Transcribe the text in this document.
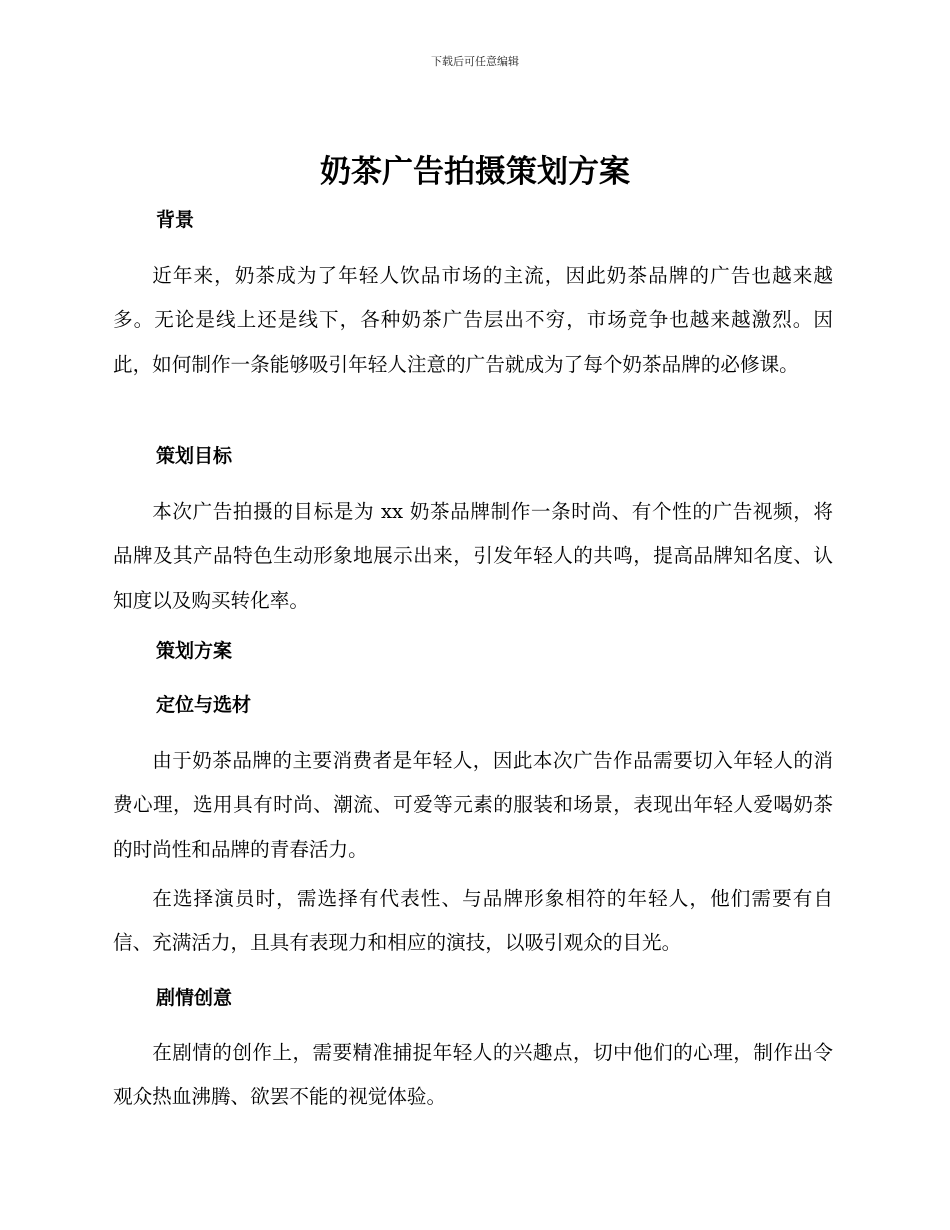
下载后可任意编辑
奶茶广告拍摄策划方案
背景

近年来，奶茶成为了年轻人饮品市场的主流，因此奶茶品牌的广告也越来越多。无论是线上还是线下，各种奶茶广告层出不穷，市场竞争也越来越激烈。因此，如何制作一条能够吸引年轻人注意的广告就成为了每个奶茶品牌的必修课。

策划目标

本次广告拍摄的目标是为 xx 奶茶品牌制作一条时尚、有个性的广告视频，将品牌及其产品特色生动形象地展示出来，引发年轻人的共鸣，提高品牌知名度、认知度以及购买转化率。

策划方案
定位与选材

由于奶茶品牌的主要消费者是年轻人，因此本次广告作品需要切入年轻人的消费心理，选用具有时尚、潮流、可爱等元素的服装和场景，表现出年轻人爱喝奶茶的时尚性和品牌的青春活力。

在选择演员时，需选择有代表性、与品牌形象相符的年轻人，他们需要有自信、充满活力，且具有表现力和相应的演技，以吸引观众的目光。

剧情创意

在剧情的创作上，需要精准捕捉年轻人的兴趣点，切中他们的心理，制作出令观众热血沸腾、欲罢不能的视觉体验。
